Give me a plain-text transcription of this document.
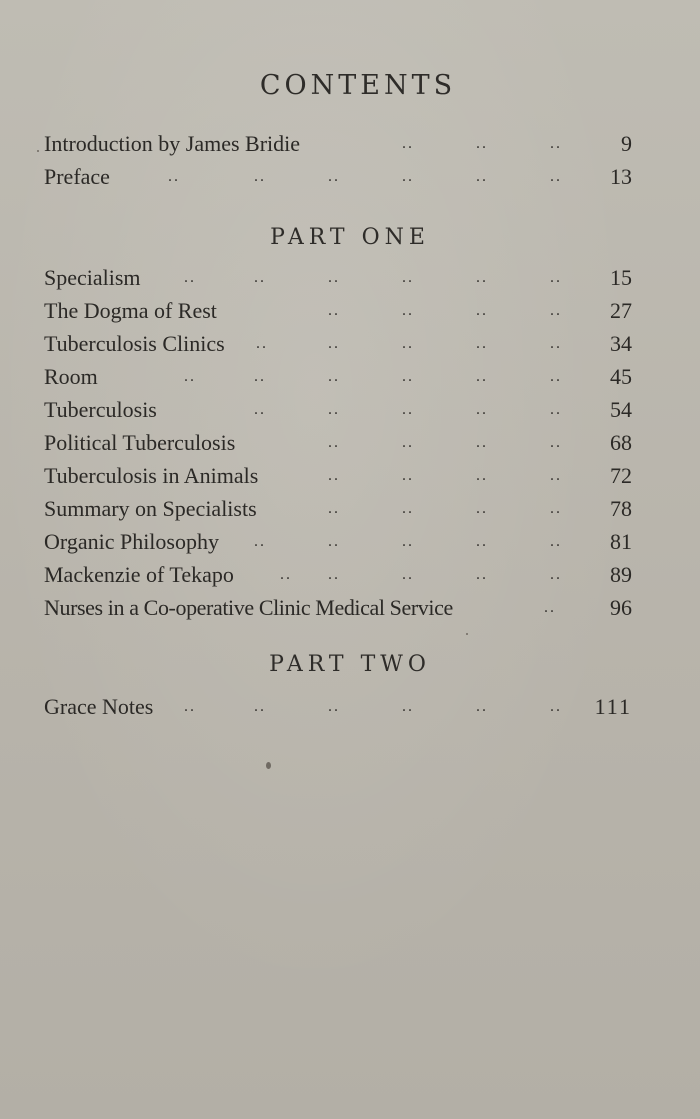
CONTENTS
Introduction by James Bridie	..	..	..	9
Preface	..	..	..	..	..	.. 13
PART ONE
Specialism	..	..	..	..	..	.. 15
The Dogma of Rest	..	..	..	.. 27
Tuberculosis Clinics ..	..	..	..	.. 34
Room	..	..	..	..	..	.. 45
Tuberculosis	..	..	..	..	.. 54
Political Tuberculosis	..	..	..	.. 68
Tuberculosis in Animals	..	..	..	.. 72
Summary on Specialists	..	..	..	.. 78
Organic Philosophy ..	..	..	..	.. 81
Mackenzie of Tekapo	.. ..	..	..	.. 89
Nurses in a Co-operative Clinic Medical Service	.. 96
PART TWO
Grace Notes ..	..	..	..	..	.. 111
